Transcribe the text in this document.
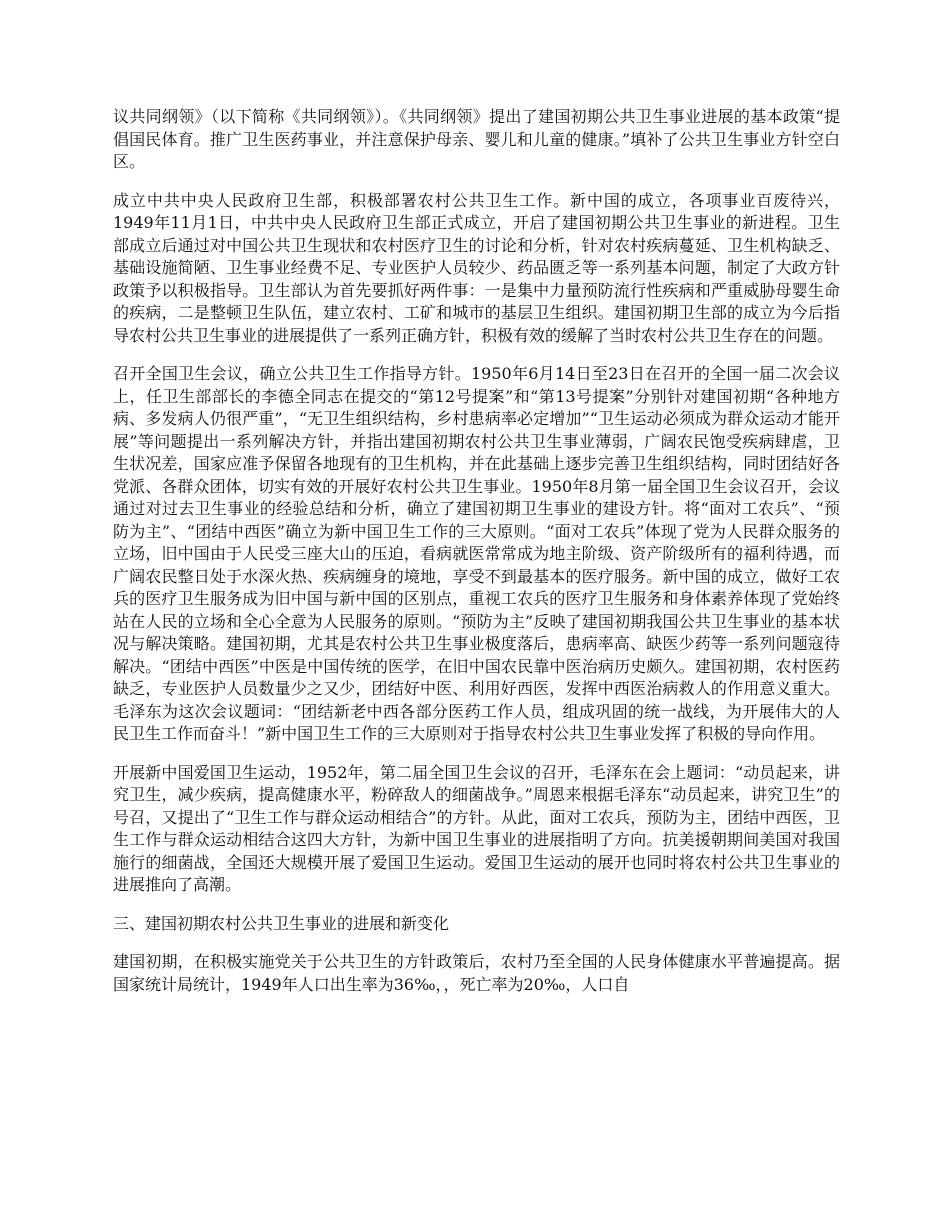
议共同纲领》（以下简称《共同纲领》）。《共同纲领》提出了建国初期公共卫生事业进展的基本政策“提倡国民体育。推广卫生医药事业，并注意保护母亲、婴儿和儿童的健康。”填补了公共卫生事业方针空白区。

成立中共中央人民政府卫生部，积极部署农村公共卫生工作。新中国的成立，各项事业百废待兴，1949年11月1日，中共中央人民政府卫生部正式成立，开启了建国初期公共卫生事业的新进程。卫生部成立后通过对中国公共卫生现状和农村医疗卫生的讨论和分析，针对农村疾病蔓延、卫生机构缺乏、基础设施简陋、卫生事业经费不足、专业医护人员较少、药品匮乏等一系列基本问题，制定了大政方针政策予以积极指导。卫生部认为首先要抓好两件事：一是集中力量预防流行性疾病和严重威胁母婴生命的疾病，二是整顿卫生队伍，建立农村、工矿和城市的基层卫生组织。建国初期卫生部的成立为今后指导农村公共卫生事业的进展提供了一系列正确方针，积极有效的缓解了当时农村公共卫生存在的问题。

召开全国卫生会议，确立公共卫生工作指导方针。1950年6月14日至23日在召开的全国一届二次会议上，任卫生部部长的李德全同志在提交的“第12号提案”和“第13号提案”分别针对建国初期“各种地方病、多发病人仍很严重”，“无卫生组织结构，乡村患病率必定增加”“卫生运动必须成为群众运动才能开展”等问题提出一系列解决方针，并指出建国初期农村公共卫生事业薄弱，广阔农民饱受疾病肆虐，卫生状况差，国家应准予保留各地现有的卫生机构，并在此基础上逐步完善卫生组织结构，同时团结好各党派、各群众团体，切实有效的开展好农村公共卫生事业。1950年8月第一届全国卫生会议召开，会议通过对过去卫生事业的经验总结和分析，确立了建国初期卫生事业的建设方针。将“面对工农兵”、“预防为主”、“团结中西医”确立为新中国卫生工作的三大原则。“面对工农兵”体现了党为人民群众服务的立场，旧中国由于人民受三座大山的压迫，看病就医常常成为地主阶级、资产阶级所有的福利待遇，而广阔农民整日处于水深火热、疾病缠身的境地，享受不到最基本的医疗服务。新中国的成立，做好工农兵的医疗卫生服务成为旧中国与新中国的区别点，重视工农兵的医疗卫生服务和身体素养体现了党始终站在人民的立场和全心全意为人民服务的原则。“预防为主”反映了建国初期我国公共卫生事业的基本状况与解决策略。建国初期，尤其是农村公共卫生事业极度落后，患病率高、缺医少药等一系列问题寇待解决。“团结中西医”中医是中国传统的医学，在旧中国农民靠中医治病历史颇久。建国初期，农村医药缺乏，专业医护人员数量少之又少，团结好中医、利用好西医，发挥中西医治病救人的作用意义重大。毛泽东为这次会议题词：“团结新老中西各部分医药工作人员，组成巩固的统一战线，为开展伟大的人民卫生工作而奋斗！”新中国卫生工作的三大原则对于指导农村公共卫生事业发挥了积极的导向作用。

开展新中国爱国卫生运动，1952年，第二届全国卫生会议的召开，毛泽东在会上题词：“动员起来，讲究卫生，减少疾病，提高健康水平，粉碎敌人的细菌战争。”周恩来根据毛泽东“动员起来，讲究卫生”的号召，又提出了“卫生工作与群众运动相结合”的方针。从此，面对工农兵，预防为主，团结中西医，卫生工作与群众运动相结合这四大方针，为新中国卫生事业的进展指明了方向。抗美援朝期间美国对我国施行的细菌战，全国还大规模开展了爱国卫生运动。爱国卫生运动的展开也同时将农村公共卫生事业的进展推向了高潮。

三、建国初期农村公共卫生事业的进展和新变化

建国初期，在积极实施党关于公共卫生的方针政策后，农村乃至全国的人民身体健康水平普遍提高。据国家统计局统计，1949年人口出生率为36‰，，死亡率为20‰，人口自
